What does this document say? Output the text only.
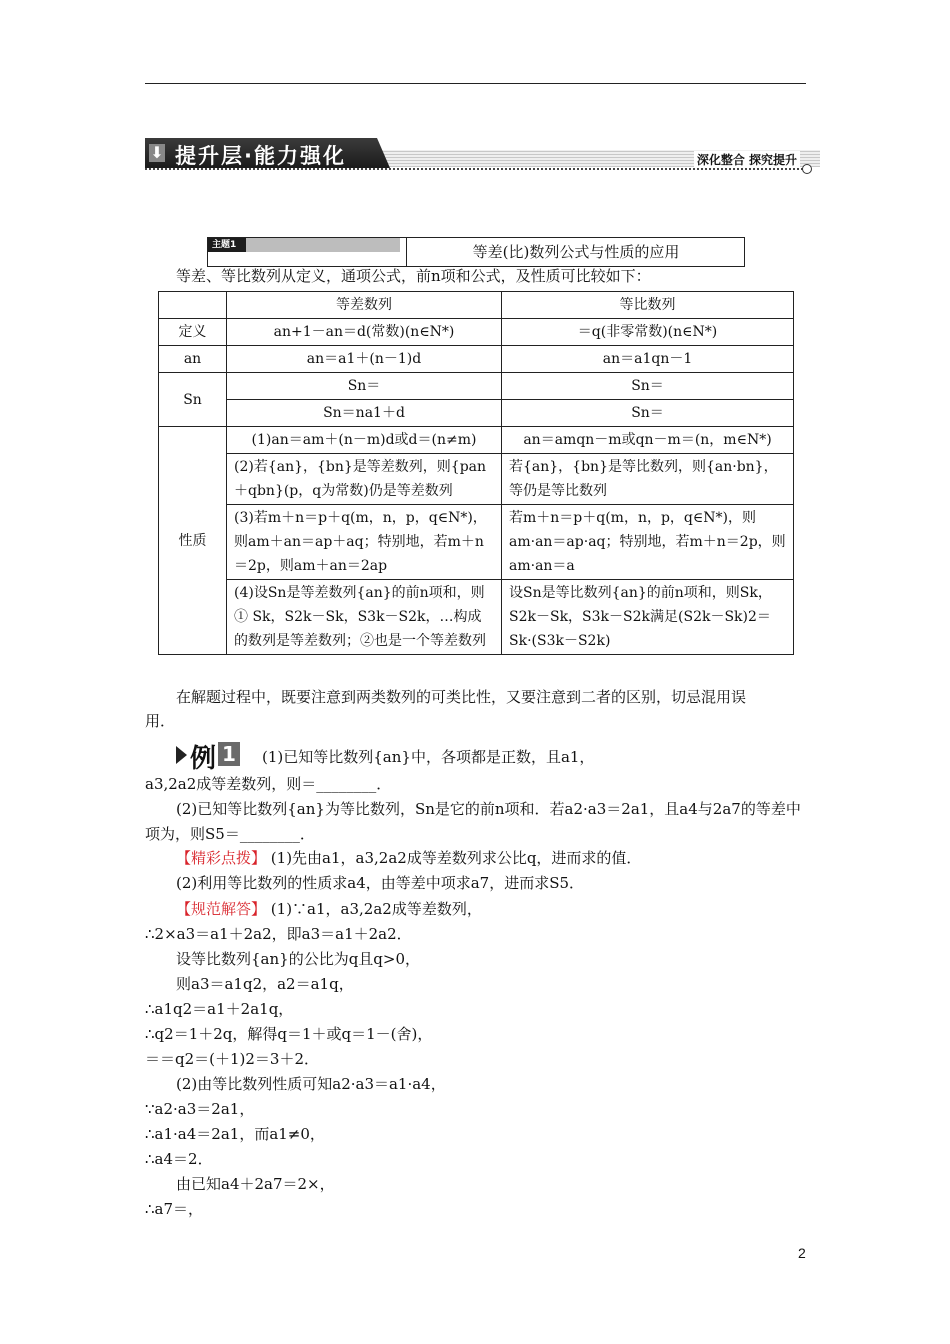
⬇ 提升层·能力强化	深化整合 探究提升
主题1	等差(比)数列公式与性质的应用
等差、等比数列从定义，通项公式，前n项和公式，及性质可比较如下：
	等差数列	等比数列
定义	an+1－an＝d(常数)(n∈N*)	＝q(非零常数)(n∈N*)
an	an＝a1＋(n－1)d	an＝a1qn－1
Sn	Sn＝	Sn＝
	Sn＝na1＋d	Sn＝
性质	(1)an＝am＋(n－m)d或d＝(n≠m)	an＝amqn－m或qn－m＝(n，m∈N*)
	(2)若{an}，{bn}是等差数列，则{pan＋qbn}(p，q为常数)仍是等差数列	若{an}，{bn}是等比数列，则{an·bn}，等仍是等比数列
	(3)若m＋n＝p＋q(m，n，p，q∈N*)，则am＋an＝ap＋aq；特别地，若m＋n＝2p，则am＋an＝2ap	若m＋n＝p＋q(m，n，p，q∈N*)，则am·an＝ap·aq；特别地，若m＋n＝2p，则am·an＝a
	(4)设Sn是等差数列{an}的前n项和，则① Sk，S2k－Sk，S3k－S2k，…构成的数列是等差数列；②也是一个等差数列	设Sn是等比数列{an}的前n项和，则Sk，S2k－Sk，S3k－S2k满足(S2k－Sk)2＝Sk·(S3k－S2k)
在解题过程中，既要注意到两类数列的可类比性，又要注意到二者的区别，切忌混用误
用．
例 1 (1)已知等比数列{an}中，各项都是正数，且a1，
a3,2a2成等差数列，则＝________．
(2)已知等比数列{an}为等比数列，Sn是它的前n项和．若a2·a3＝2a1，且a4与2a7的等差中
项为，则S5＝________．
【精彩点拨】 (1)先由a1，a3,2a2成等差数列求公比q，进而求的值．
(2)利用等比数列的性质求a4，由等差中项求a7，进而求S5．
【规范解答】 (1)∵a1，a3,2a2成等差数列，
∴2×a3＝a1＋2a2，即a3＝a1＋2a2．
设等比数列{an}的公比为q且q>0，
则a3＝a1q2，a2＝a1q，
∴a1q2＝a1＋2a1q，
∴q2＝1＋2q，解得q＝1＋或q＝1－(舍)，
＝＝q2＝(＋1)2＝3＋2．
(2)由等比数列性质可知a2·a3＝a1·a4，
∵a2·a3＝2a1，
∴a1·a4＝2a1，而a1≠0，
∴a4＝2．
由已知a4＋2a7＝2×，
∴a7＝，
2
